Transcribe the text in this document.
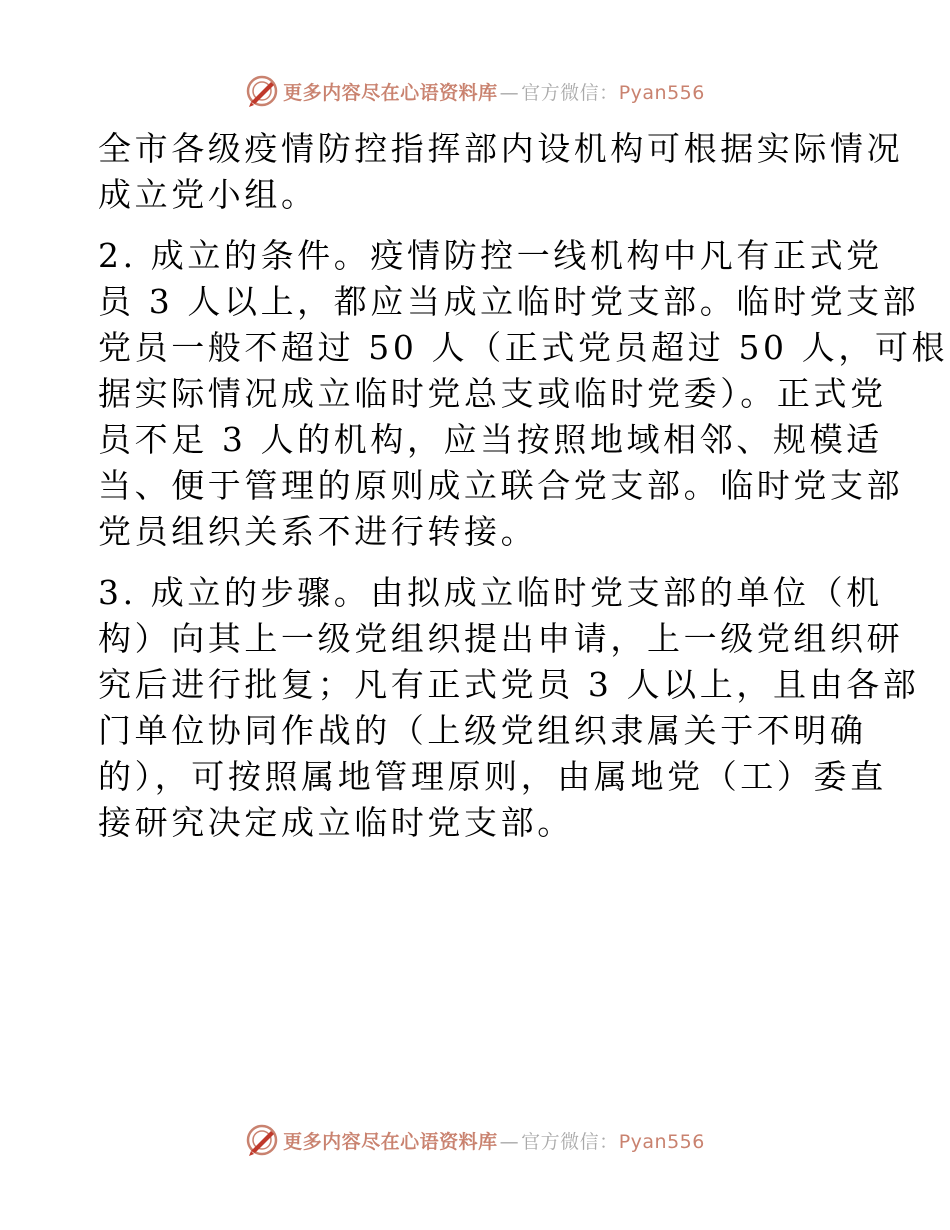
更多内容尽在心语资料库 — 官方微信：Pyan556
全市各级疫情防控指挥部内设机构可根据实际情况
成立党小组。
2. 成立的条件。疫情防控一线机构中凡有正式党
员 3 人以上，都应当成立临时党支部。临时党支部
党员一般不超过 50 人（正式党员超过 50 人，可根
据实际情况成立临时党总支或临时党委）。正式党
员不足 3 人的机构，应当按照地域相邻、规模适
当、便于管理的原则成立联合党支部。临时党支部
党员组织关系不进行转接。
3. 成立的步骤。由拟成立临时党支部的单位（机
构）向其上一级党组织提出申请，上一级党组织研
究后进行批复；凡有正式党员 3 人以上，且由各部
门单位协同作战的（上级党组织隶属关于不明确
的），可按照属地管理原则，由属地党（工）委直
接研究决定成立临时党支部。
更多内容尽在心语资料库 — 官方微信：Pyan556
